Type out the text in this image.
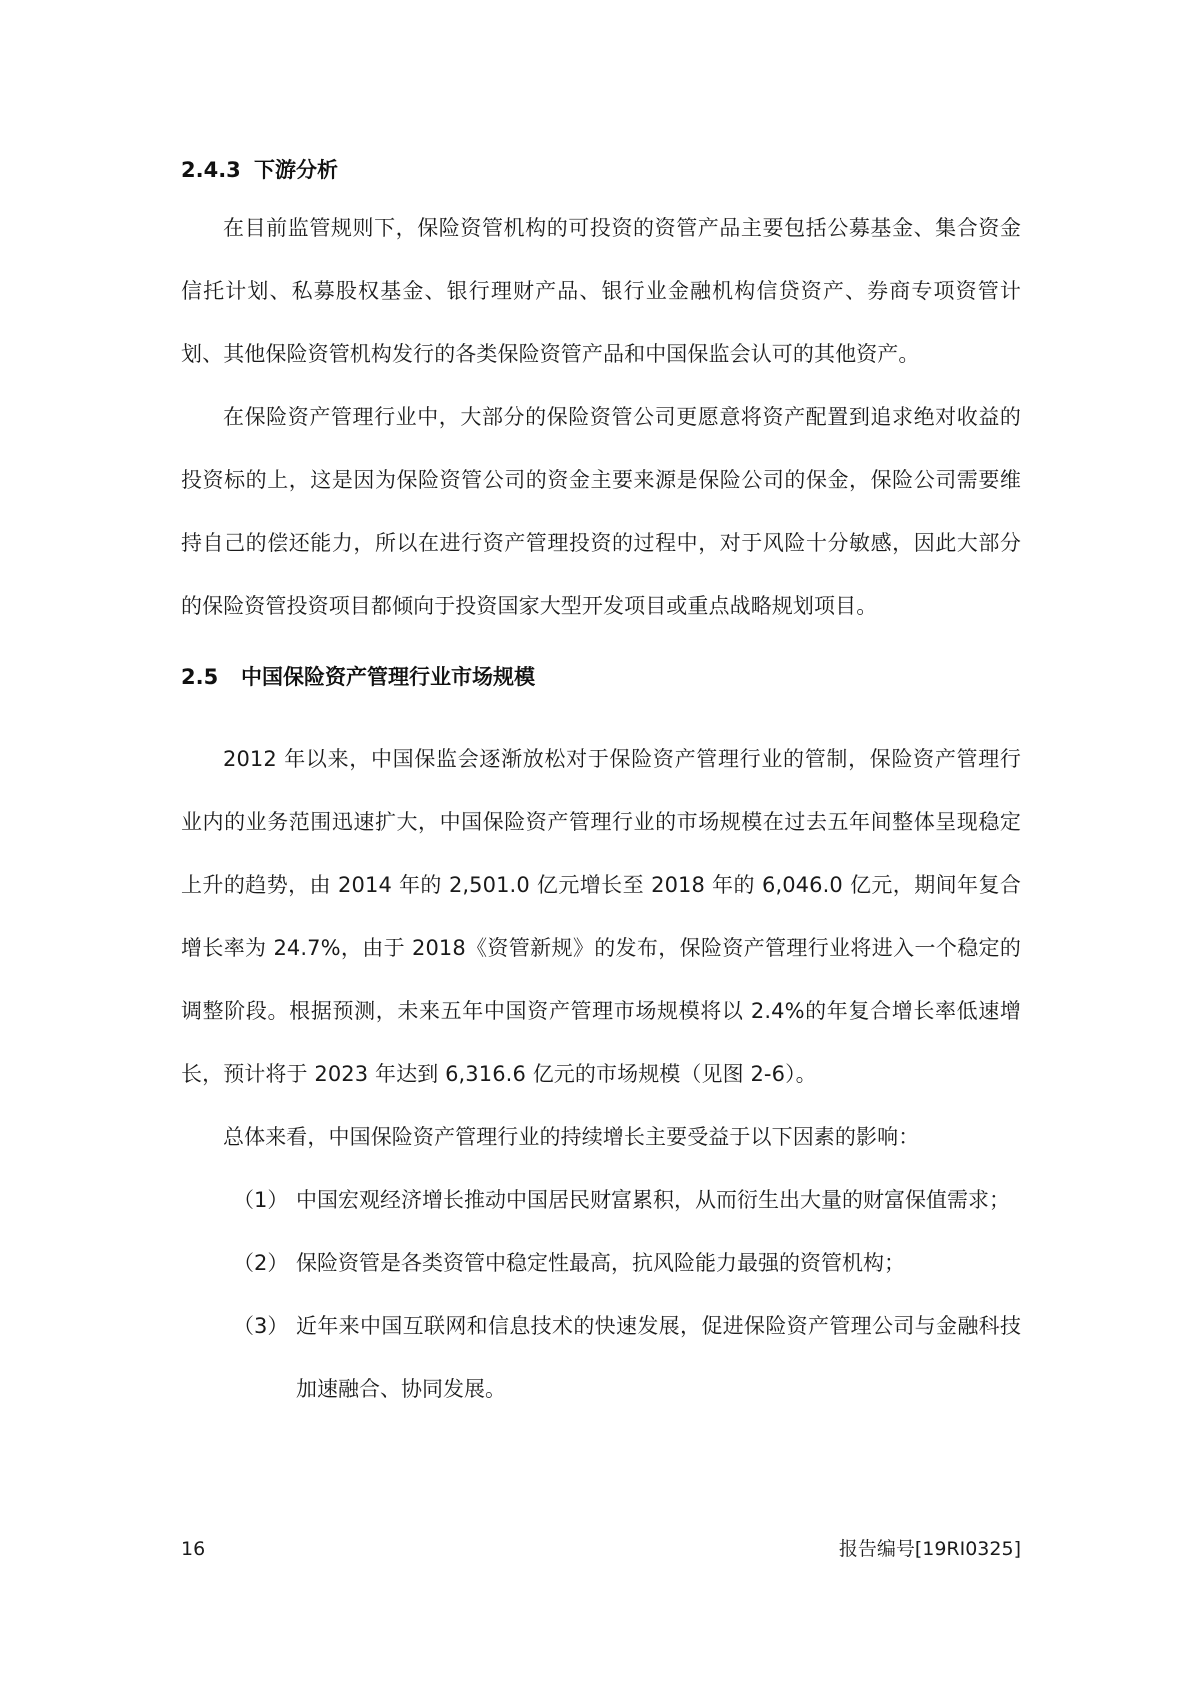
2.4.3 下游分析

在目前监管规则下，保险资管机构的可投资的资管产品主要包括公募基金、集合资金信托计划、私募股权基金、银行理财产品、银行业金融机构信贷资产、券商专项资管计划、其他保险资管机构发行的各类保险资管产品和中国保监会认可的其他资产。

在保险资产管理行业中，大部分的保险资管公司更愿意将资产配置到追求绝对收益的投资标的上，这是因为保险资管公司的资金主要来源是保险公司的保金，保险公司需要维持自己的偿还能力，所以在进行资产管理投资的过程中，对于风险十分敏感，因此大部分的保险资管投资项目都倾向于投资国家大型开发项目或重点战略规划项目。

2.5	中国保险资产管理行业市场规模

2012 年以来，中国保监会逐渐放松对于保险资产管理行业的管制，保险资产管理行业内的业务范围迅速扩大，中国保险资产管理行业的市场规模在过去五年间整体呈现稳定上升的趋势，由 2014 年的 2,501.0 亿元增长至 2018 年的 6,046.0 亿元，期间年复合增长率为 24.7%，由于 2018《资管新规》的发布，保险资产管理行业将进入一个稳定的调整阶段。根据预测，未来五年中国资产管理市场规模将以 2.4%的年复合增长率低速增长，预计将于 2023 年达到 6,316.6 亿元的市场规模（见图 2-6）。

总体来看，中国保险资产管理行业的持续增长主要受益于以下因素的影响：

（1） 中国宏观经济增长推动中国居民财富累积，从而衍生出大量的财富保值需求；
（2） 保险资管是各类资管中稳定性最高，抗风险能力最强的资管机构；
（3） 近年来中国互联网和信息技术的快速发展，促进保险资产管理公司与金融科技加速融合、协同发展。
16	报告编号[19RI0325]
